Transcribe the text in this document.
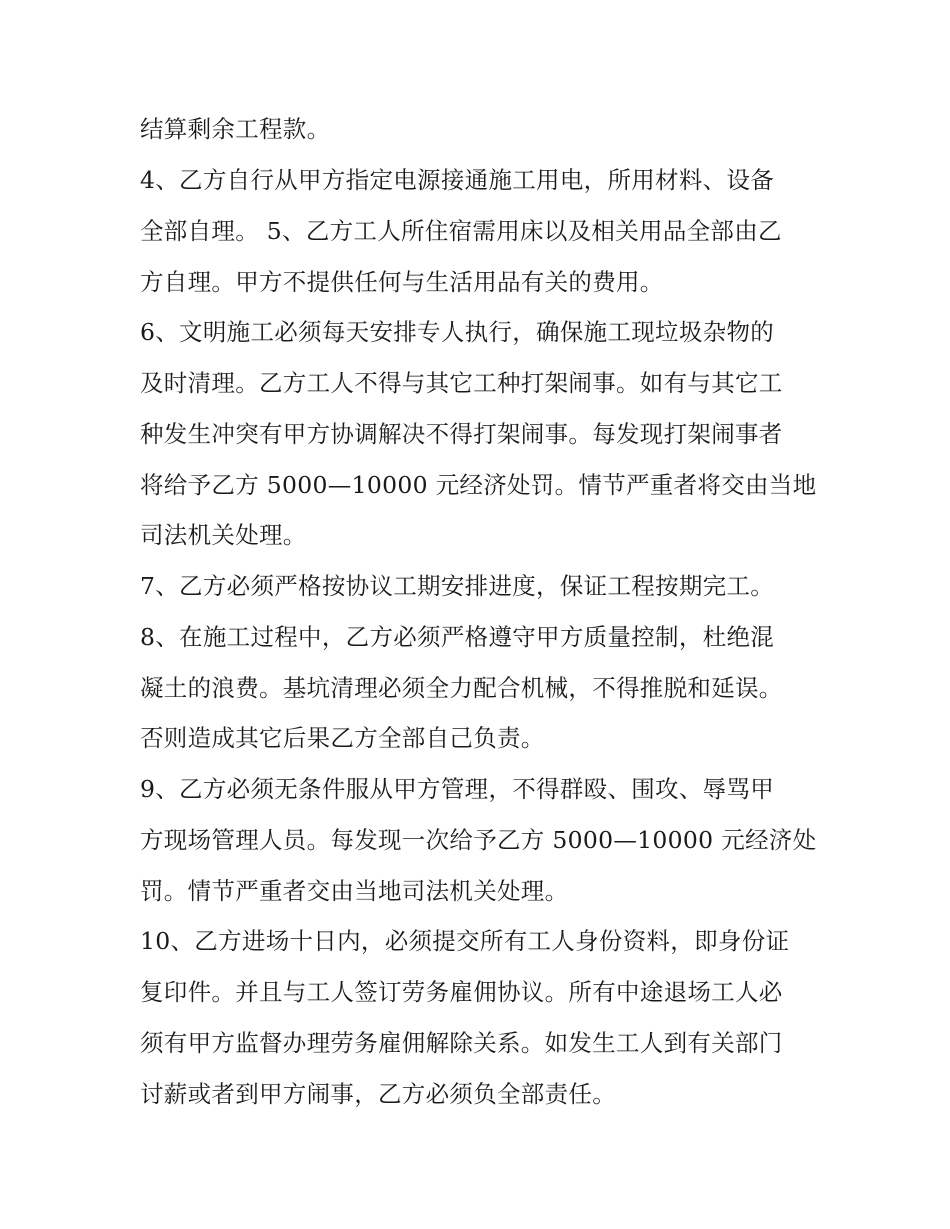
结算剩余工程款。
4、乙方自行从甲方指定电源接通施工用电，所用材料、设备
全部自理。 5、乙方工人所住宿需用床以及相关用品全部由乙
方自理。甲方不提供任何与生活用品有关的费用。
6、文明施工必须每天安排专人执行，确保施工现垃圾杂物的
及时清理。乙方工人不得与其它工种打架闹事。如有与其它工
种发生冲突有甲方协调解决不得打架闹事。每发现打架闹事者
将给予乙方 5000—10000 元经济处罚。情节严重者将交由当地
司法机关处理。
7、乙方必须严格按协议工期安排进度，保证工程按期完工。
8、在施工过程中，乙方必须严格遵守甲方质量控制，杜绝混
凝土的浪费。基坑清理必须全力配合机械，不得推脱和延误。
否则造成其它后果乙方全部自己负责。
9、乙方必须无条件服从甲方管理，不得群殴、围攻、辱骂甲
方现场管理人员。每发现一次给予乙方 5000—10000 元经济处
罚。情节严重者交由当地司法机关处理。
10、乙方进场十日内，必须提交所有工人身份资料，即身份证
复印件。并且与工人签订劳务雇佣协议。所有中途退场工人必
须有甲方监督办理劳务雇佣解除关系。如发生工人到有关部门
讨薪或者到甲方闹事，乙方必须负全部责任。
